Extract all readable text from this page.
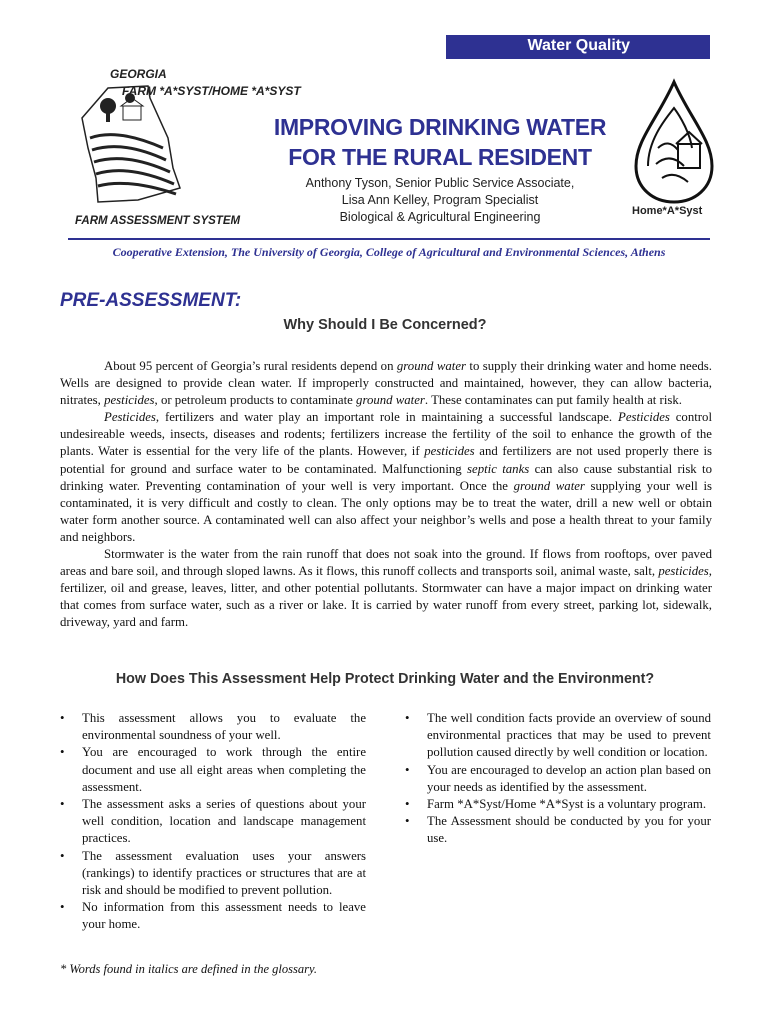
Water Quality
GEORGIA
FARM *A*SYST/HOME *A*SYST
FARM ASSESSMENT SYSTEM
IMPROVING DRINKING WATER
FOR THE RURAL RESIDENT
Anthony Tyson, Senior Public Service Associate,
Lisa Ann Kelley, Program Specialist
Biological & Agricultural Engineering	Home*A*Syst
Cooperative Extension, The University of Georgia, College of Agricultural and Environmental Sciences, Athens
PRE-ASSESSMENT:
Why Should I Be Concerned?

About 95 percent of Georgia’s rural residents depend on ground water to supply their drinking water and home needs. Wells are designed to provide clean water. If improperly constructed and maintained, however, they can allow bacteria, nitrates, pesticides, or petroleum products to contaminate ground water. These contaminates can put family health at risk.

Pesticides, fertilizers and water play an important role in maintaining a successful landscape. Pesticides control undesireable weeds, insects, diseases and rodents; fertilizers increase the fertility of the soil to enhance the growth of the plants. Water is essential for the very life of the plants. However, if pesticides and fertilizers are not used properly there is potential for ground and surface water to be contaminated. Malfunctioning septic tanks can also cause substantial risk to drinking water. Preventing contamination of your well is very important. Once the ground water supplying your well is contaminated, it is very difficult and costly to clean. The only options may be to treat the water, drill a new well or obtain water form another source. A contaminated well can also affect your neighbor’s wells and pose a health threat to your family and neighbors.

Stormwater is the water from the rain runoff that does not soak into the ground. If flows from rooftops, over paved areas and bare soil, and through sloped lawns. As it flows, this runoff collects and transports soil, animal waste, salt, pesticides, fertilizer, oil and grease, leaves, litter, and other potential pollutants. Stormwater can have a major impact on drinking water that comes from surface water, such as a river or lake. It is carried by water runoff from every street, parking lot, sidewalk, driveway, yard and farm.

How Does This Assessment Help Protect Drinking Water and the Environment?
• This assessment allows you to evaluate the environmental soundness of your well.
• You are encouraged to work through the entire document and use all eight areas when completing the assessment.
• The assessment asks a series of questions about your well condition, location and landscape management practices.
• The assessment evaluation uses your answers (rankings) to identify practices or structures that are at risk and should be modified to prevent pollution.
• No information from this assessment needs to leave your home.
• The well condition facts provide an overview of sound environmental practices that may be used to prevent pollution caused directly by well condition or location.
• You are encouraged to develop an action plan based on your needs as identified by the assessment.
• Farm *A*Syst/Home *A*Syst is a voluntary program.
• The Assessment should be conducted by you for your use.
* Words found in italics are defined in the glossary.
